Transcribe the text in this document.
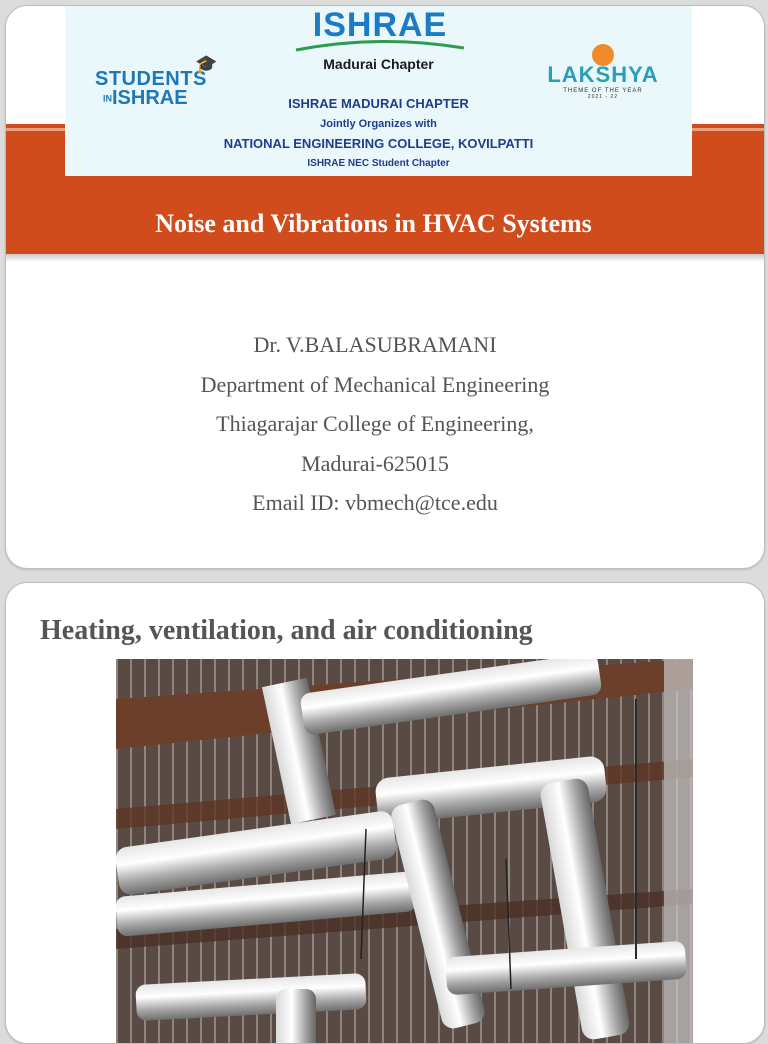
ISHRAE
Madurai Chapter
STUDENTS
INISHRAE
🎓	LAKSHYA
THEME OF THE YEAR
2021 - 22
ISHRAE MADURAI CHAPTER
Jointly Organizes with
NATIONAL ENGINEERING COLLEGE, KOVILPATTI
ISHRAE NEC Student Chapter
Noise and Vibrations in HVAC Systems
Dr. V.BALASUBRAMANI
Department of Mechanical Engineering
Thiagarajar College of Engineering,
Madurai-625015
Email ID: vbmech@tce.edu
Heating, ventilation, and air conditioning
